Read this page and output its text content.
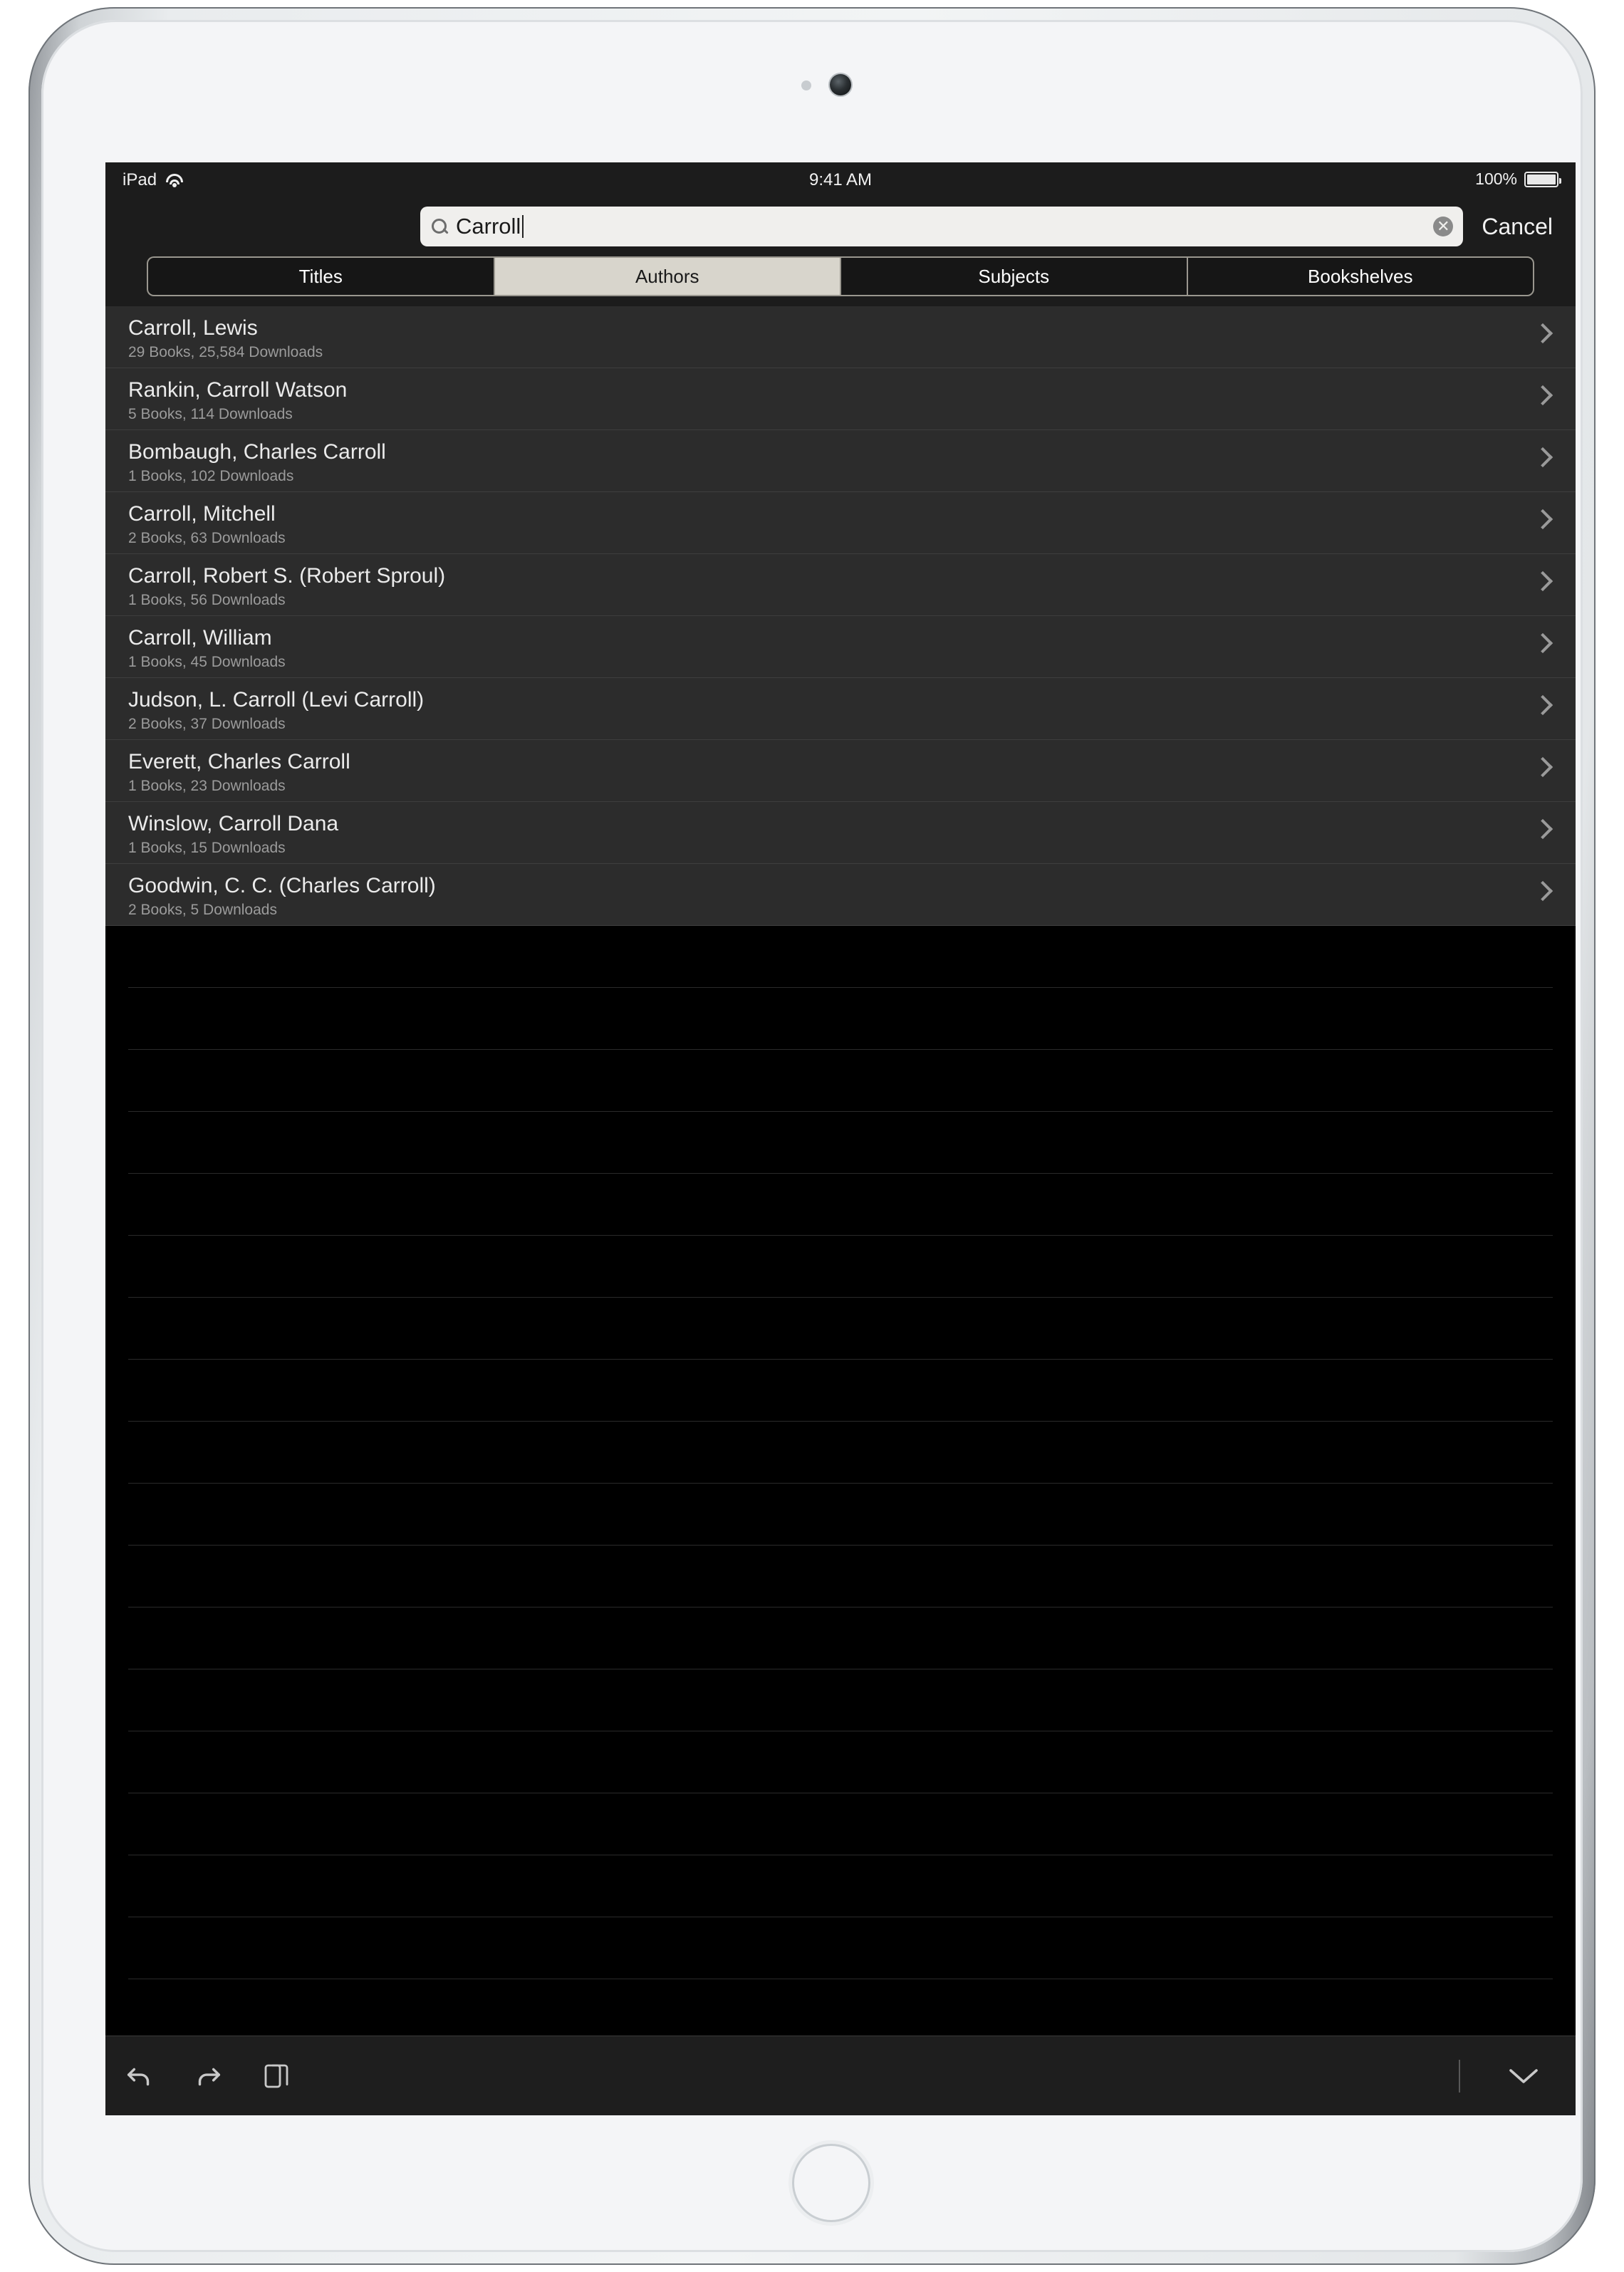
iPad	9:41 AM	100%
Carroll	✕ Cancel
Titles	Authors	Subjects	Bookshelves
Carroll, Lewis
29 Books, 25,584 Downloads
Rankin, Carroll Watson
5 Books, 114 Downloads
Bombaugh, Charles Carroll
1 Books, 102 Downloads
Carroll, Mitchell
2 Books, 63 Downloads
Carroll, Robert S. (Robert Sproul)
1 Books, 56 Downloads
Carroll, William
1 Books, 45 Downloads
Judson, L. Carroll (Levi Carroll)
2 Books, 37 Downloads
Everett, Charles Carroll
1 Books, 23 Downloads
Winslow, Carroll Dana
1 Books, 15 Downloads
Goodwin, C. C. (Charles Carroll)
2 Books, 5 Downloads
